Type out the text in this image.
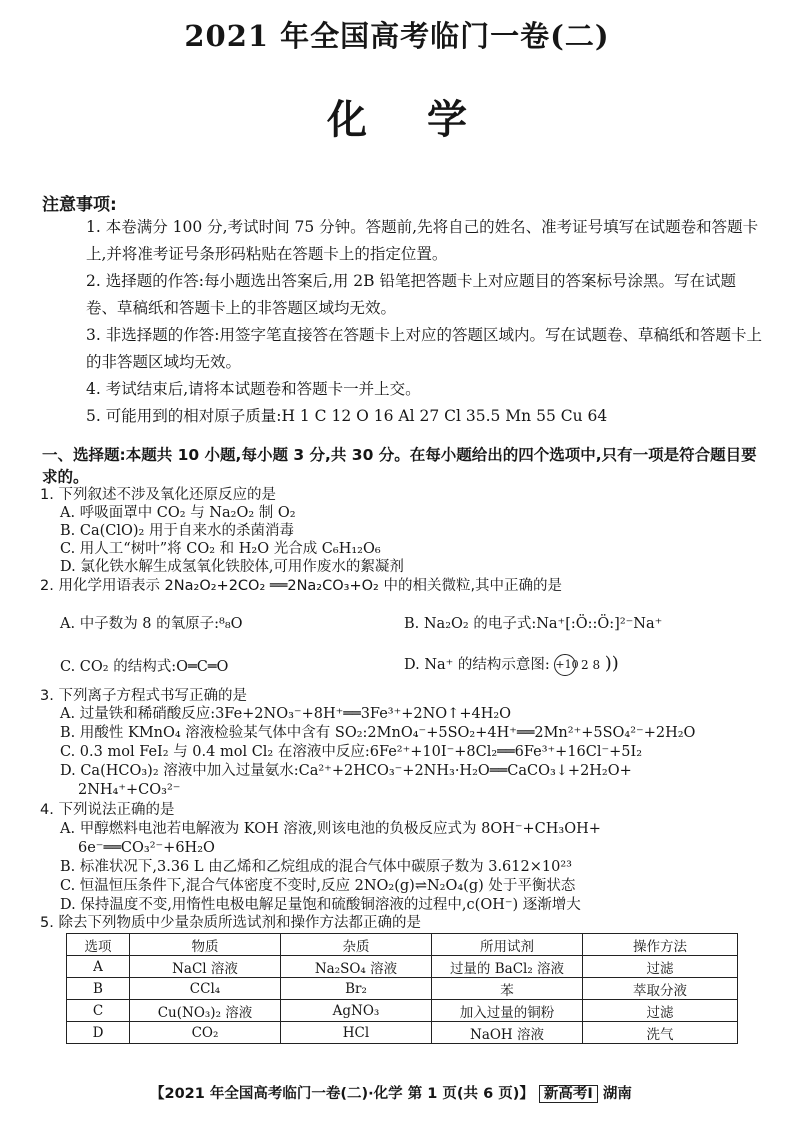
2021 年全国高考临门一卷(二)
化学
注意事项:
1. 本卷满分 100 分,考试时间 75 分钟。答题前,先将自己的姓名、准考证号填写在试题卷和答题卡上,并将准考证号条形码粘贴在答题卡上的指定位置。
2. 选择题的作答:每小题选出答案后,用 2B 铅笔把答题卡上对应题目的答案标号涂黑。写在试题卷、草稿纸和答题卡上的非答题区域均无效。
3. 非选择题的作答:用签字笔直接答在答题卡上对应的答题区域内。写在试题卷、草稿纸和答题卡上的非答题区域均无效。
4. 考试结束后,请将本试题卷和答题卡一并上交。
5. 可能用到的相对原子质量:H 1 C 12 O 16 Al 27 Cl 35.5 Mn 55 Cu 64
一、选择题:本题共 10 小题,每小题 3 分,共 30 分。在每小题给出的四个选项中,只有一项是符合题目要求的。
1. 下列叙述不涉及氧化还原反应的是
A. 呼吸面罩中 CO₂ 与 Na₂O₂ 制 O₂
B. Ca(ClO)₂ 用于自来水的杀菌消毒
C. 用人工“树叶”将 CO₂ 和 H₂O 光合成 C₆H₁₂O₆
D. 氯化铁水解生成氢氧化铁胶体,可用作废水的絮凝剂
2. 用化学用语表示 2Na₂O₂+2CO₂ ══2Na₂CO₃+O₂ 中的相关微粒,其中正确的是
A. 中子数为 8 的氧原子:⁸₈O	B. Na₂O₂ 的电子式:Na⁺[:Ö::Ö:]²⁻Na⁺
C. CO₂ 的结构式:O═C═O	D. Na⁺ 的结构示意图: +10 2 8 ))
3. 下列离子方程式书写正确的是
A. 过量铁和稀硝酸反应:3Fe+2NO₃⁻+8H⁺══3Fe³⁺+2NO↑+4H₂O
B. 用酸性 KMnO₄ 溶液检验某气体中含有 SO₂:2MnO₄⁻+5SO₂+4H⁺══2Mn²⁺+5SO₄²⁻+2H₂O
C. 0.3 mol FeI₂ 与 0.4 mol Cl₂ 在溶液中反应:6Fe²⁺+10I⁻+8Cl₂══6Fe³⁺+16Cl⁻+5I₂
D. Ca(HCO₃)₂ 溶液中加入过量氨水:Ca²⁺+2HCO₃⁻+2NH₃·H₂O══CaCO₃↓+2H₂O+
2NH₄⁺+CO₃²⁻
4. 下列说法正确的是
A. 甲醇燃料电池若电解液为 KOH 溶液,则该电池的负极反应式为 8OH⁻+CH₃OH+
6e⁻══CO₃²⁻+6H₂O
B. 标准状况下,3.36 L 由乙烯和乙烷组成的混合气体中碳原子数为 3.612×10²³
C. 恒温恒压条件下,混合气体密度不变时,反应 2NO₂(g)⇌N₂O₄(g) 处于平衡状态
D. 保持温度不变,用惰性电极电解足量饱和硫酸铜溶液的过程中,c(OH⁻) 逐渐增大
5. 除去下列物质中少量杂质所选试剂和操作方法都正确的是
选项	物质	杂质	所用试剂	操作方法
A	NaCl 溶液	Na₂SO₄ 溶液	过量的 BaCl₂ 溶液	过滤
B	CCl₄	Br₂	苯	萃取分液
C	Cu(NO₃)₂ 溶液	AgNO₃	加入过量的铜粉	过滤
D	CO₂	HCl	NaOH 溶液	洗气
【2021 年全国高考临门一卷(二)·化学 第 1 页(共 6 页)】 新高考Ⅰ 湖南
